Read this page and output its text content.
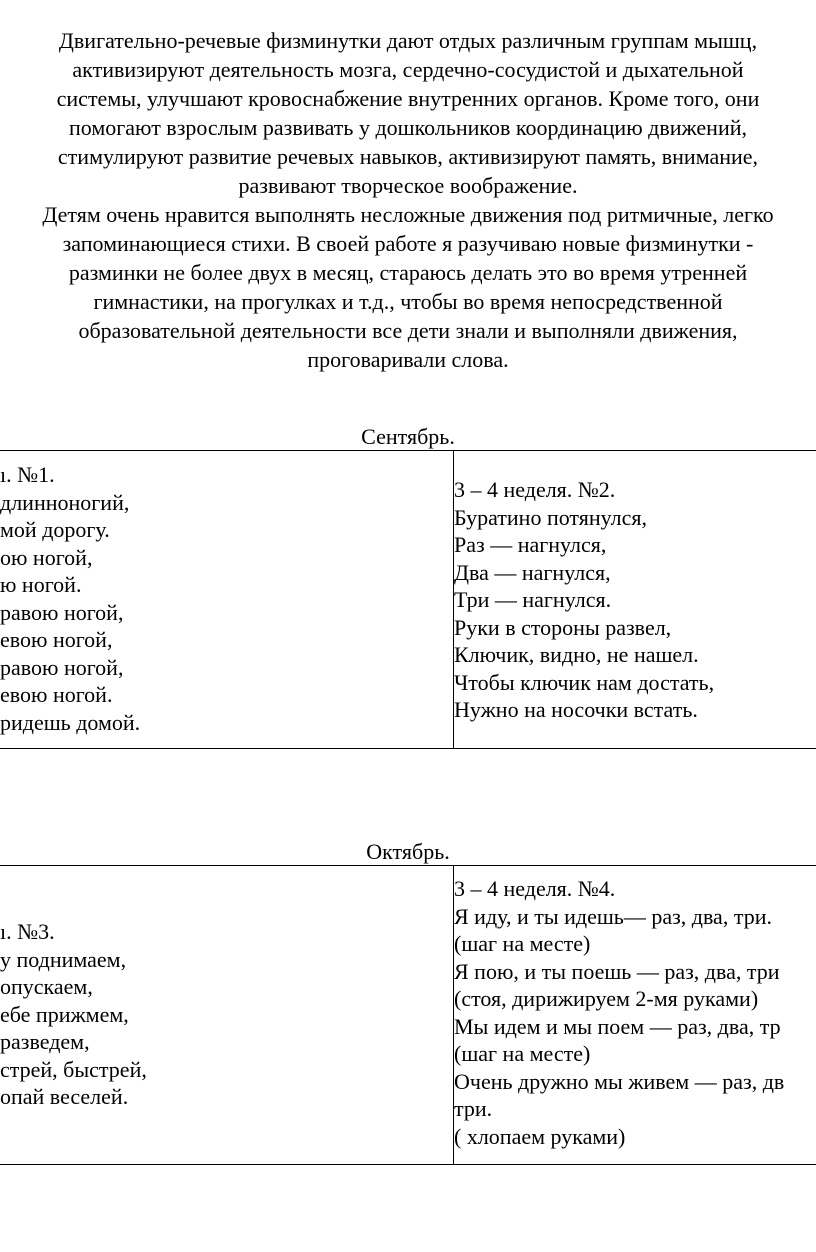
Двигательно-речевые физминутки дают отдых различным группам мышц,

активизируют деятельность мозга, сердечно-сосудистой и дыхательной

системы, улучшают кровоснабжение внутренних органов. Кроме того, они

помогают взрослым развивать у дошкольников координацию движений,

стимулируют развитие речевых навыков, активизируют память, внимание,

развивают творческое воображение.

Детям очень нравится выполнять несложные движения под ритмичные, легко

запоминающиеся стихи. В своей работе я разучиваю новые физминутки -

разминки не более двух в месяц, стараюсь делать это во время утренней

гимнастики, на прогулках и т.д., чтобы во время непосредственной

образовательной деятельности все дети знали и выполняли движения,

проговаривали слова.

Сентябрь.
ı. №1.
длинноногий,
мой дорогу.
ою ногой,
ю ногой.
равою ногой,
евою ногой,
равою ногой,
евою ногой.
ридешь домой.
3 – 4 неделя. №2.
Буратино потянулся,
Раз — нагнулся,
Два — нагнулся,
Три — нагнулся.
Руки в стороны развел,
Ключик, видно, не нашел.
Чтобы ключик нам достать,
Нужно на носочки встать.
Октябрь.
ı. №3.
у поднимаем,
опускаем,
ебе прижмем,
разведем,
стрей, быстрей,
опай веселей.
3 – 4 неделя. №4.
Я иду, и ты идешь— раз, два, три.
(шаг на месте)
Я пою, и ты поешь — раз, два, три
(стоя, дирижируем 2-мя руками)
Мы идем и мы поем — раз, два, тр
(шаг на месте)
Очень дружно мы живем — раз, дв
три.
( хлопаем руками)
